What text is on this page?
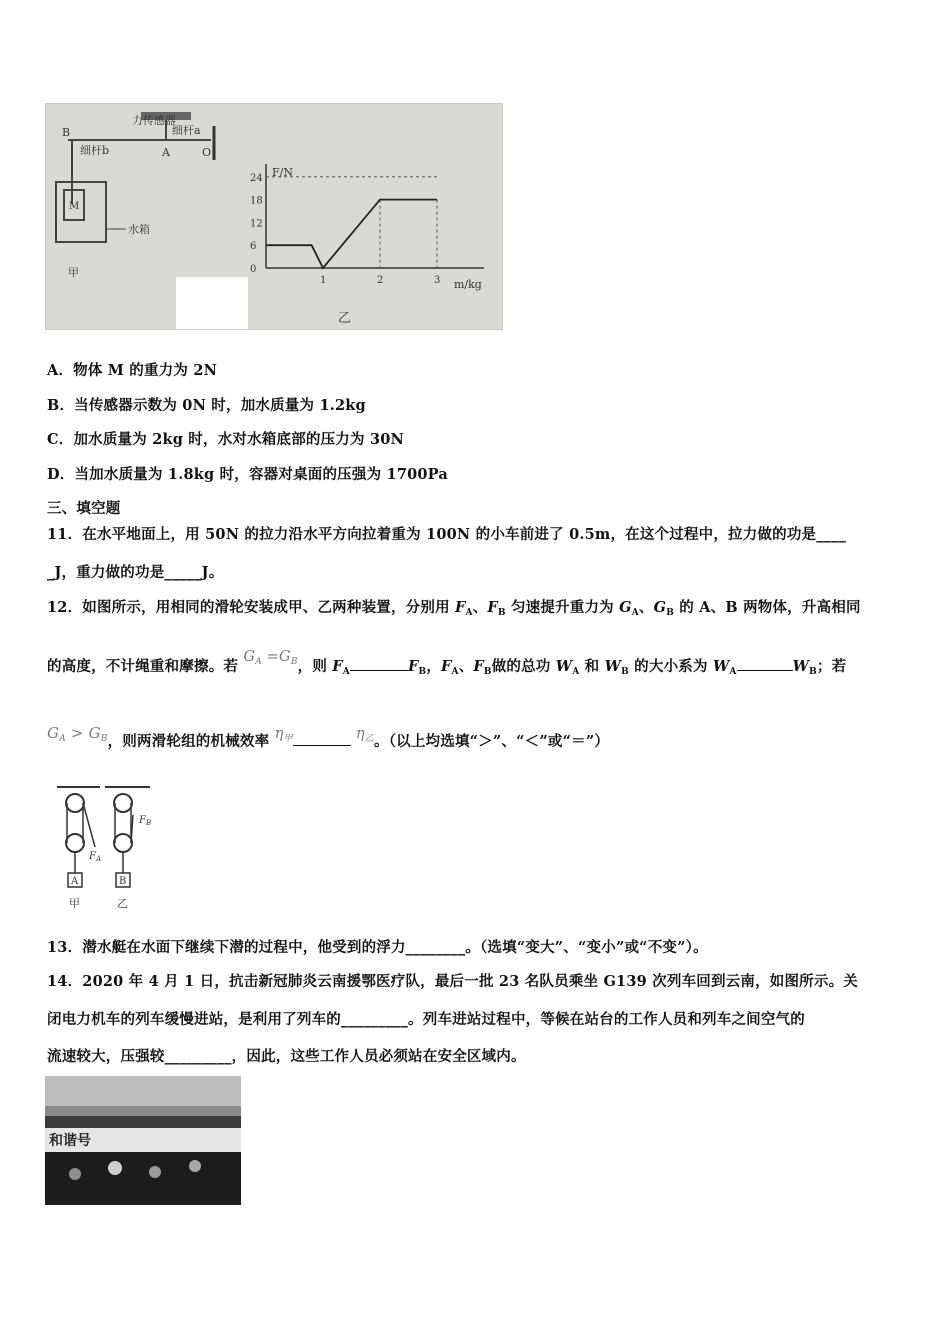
力传感器
细杆a
细杆b
B
A	O
M
水箱
甲	0
6
12
18
24
1	2	3
F/N
m/kg
乙
A．物体 M 的重力为 2N
B．当传感器示数为 0N 时，加水质量为 1.2kg
C．加水质量为 2kg 时，水对水箱底部的压力为 30N
D．当加水质量为 1.8kg 时，容器对桌面的压强为 1700Pa
三、填空题
11．在水平地面上，用 50N 的拉力沿水平方向拉着重为 100N 的小车前进了 0.5m，在这个过程中，拉力做的功是____
_J，重力做的功是_____J。
12．如图所示，用相同的滑轮安装成甲、乙两种装置，分别用 $F_A$、$F_B$ 匀速提升重力为 $G_A$、$G_B$ 的 A、B 两物体，升高相同
的高度，不计绳重和摩擦。若 $G_A =G_B$，则 $F_A$	$F_B$，$F_A$、$F_B$做的总功 $W_A$ 和 $W_B$ 的大小系为 $W_A$	$W_B$；若
$G_A > G_B$，则两滑轮组的机械效率 $\eta_甲$	$\eta_乙$。（以上均选填“＞”、“＜”或“＝”）
$F_A$
$F_B$
A	B
甲	乙
13．潜水艇在水面下继续下潜的过程中，他受到的浮力________。（选填“变大”、“变小”或“不变”）。
14．2020 年 4 月 1 日，抗击新冠肺炎云南援鄂医疗队，最后一批 23 名队员乘坐 G139 次列车回到云南，如图所示。关
闭电力机车的列车缓慢进站，是利用了列车的_________。列车进站过程中，等候在站台的工作人员和列车之间空气的
流速较大，压强较_________，因此，这些工作人员必须站在安全区域内。
和谐号
